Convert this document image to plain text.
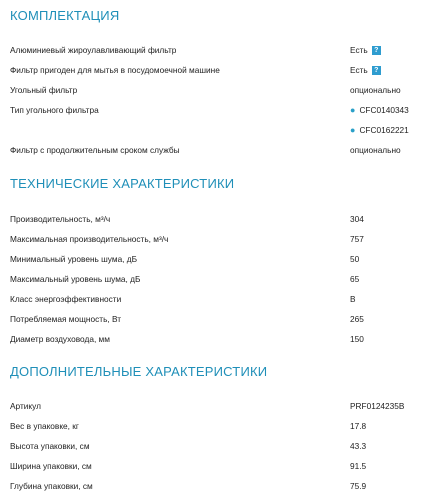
КОМПЛЕКТАЦИЯ
Алюминиевый жироулавливающий фильтр	Есть ?
Фильтр пригоден для мытья в посудомоечной машине	Есть ?
Угольный фильтр	опционально
Тип угольного фильтра	● CFC0140343
● CFC0162221
Фильтр с продолжительным сроком службы	опционально
ТЕХНИЧЕСКИЕ ХАРАКТЕРИСТИКИ
Производительность, м³/ч	304
Максимальная производительность, м³/ч	757
Минимальный уровень шума, дБ	50
Максимальный уровень шума, дБ	65
Класс энергоэффективности	B
Потребляемая мощность, Вт	265
Диаметр воздуховода, мм	150
ДОПОЛНИТЕЛЬНЫЕ ХАРАКТЕРИСТИКИ
Артикул	PRF0124235B
Вес в упаковке, кг	17.8
Высота упаковки, см	43.3
Ширина упаковки, см	91.5
Глубина упаковки, см	75.9
